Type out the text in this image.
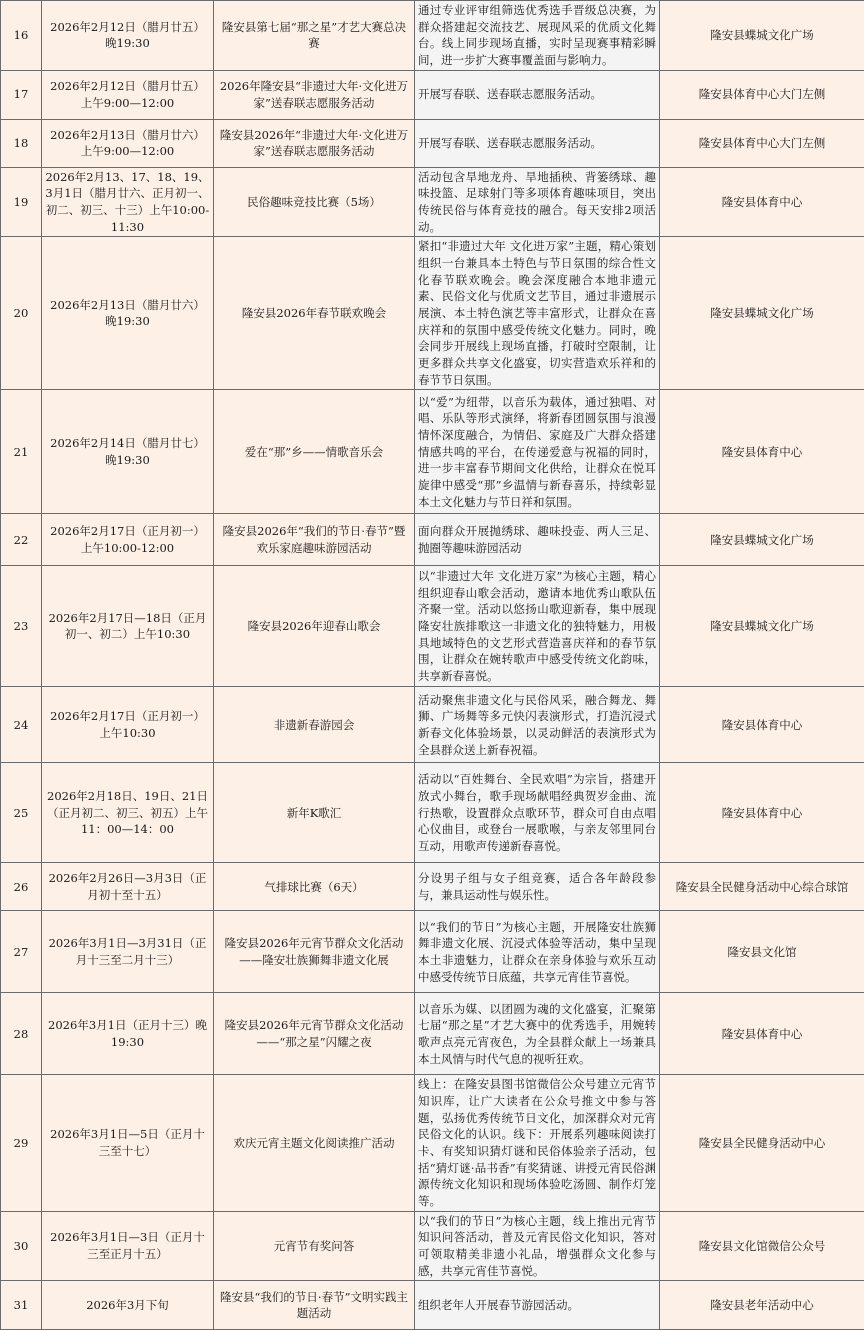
16	2026年2月12日（腊月廿五）晚19:30	隆安县第七届“那之星”才艺大赛总决赛	通过专业评审组筛选优秀选手晋级总决赛，为群众搭建起交流技艺、展现风采的优质文化舞台。线上同步现场直播，实时呈现赛事精彩瞬间，进一步扩大赛事覆盖面与影响力。	隆安县蝶城文化广场
17	2026年2月12日（腊月廿五）上午9:00—12:00	2026年隆安县“非遗过大年·文化进万家”送春联志愿服务活动	开展写春联、送春联志愿服务活动。	隆安县体育中心大门左侧
18	2026年2月13日（腊月廿六）上午9:00—12:00	隆安县2026年“非遗过大年·文化进万家”送春联志愿服务活动	开展写春联、送春联志愿服务活动。	隆安县体育中心大门左侧
19	2026年2月13、17、18、19、3月1日（腊月廿六、正月初一、初二、初三、十三）上午10:00-11:30	民俗趣味竞技比赛（5场）	活动包含旱地龙舟、旱地插秧、背篓绣球、趣味投篮、足球射门等多项体育趣味项目，突出传统民俗与体育竞技的融合。每天安排2项活动。	隆安县体育中心
20	2026年2月13日（腊月廿六）晚19:30	隆安县2026年春节联欢晚会	紧扣“非遗过大年 文化进万家”主题，精心策划组织一台兼具本土特色与节日氛围的综合性文化春节联欢晚会。晚会深度融合本地非遗元素、民俗文化与优质文艺节目，通过非遗展示展演、本土特色演艺等丰富形式，让群众在喜庆祥和的氛围中感受传统文化魅力。同时，晚会同步开展线上现场直播，打破时空限制，让更多群众共享文化盛宴，切实营造欢乐祥和的春节节日氛围。	隆安县蝶城文化广场
21	2026年2月14日（腊月廿七）晚19:30	爱在“那”乡——情歌音乐会	以“爱”为纽带，以音乐为载体，通过独唱、对唱、乐队等形式演绎，将新春团圆氛围与浪漫情怀深度融合，为情侣、家庭及广大群众搭建情感共鸣的平台，在传递爱意与祝福的同时，进一步丰富春节期间文化供给，让群众在悦耳旋律中感受“那”乡温情与新春喜乐，持续彰显本土文化魅力与节日祥和氛围。	隆安县体育中心
22	2026年2月17日（正月初一）上午10:00-12:00	隆安县2026年“我们的节日·春节”暨欢乐家庭趣味游园活动	面向群众开展抛绣球、趣味投壶、两人三足、抛圈等趣味游园活动	隆安县蝶城文化广场
23	2026年2月17日—18日（正月初一、初二）上午10:30	隆安县2026年迎春山歌会	以“非遗过大年 文化进万家”为核心主题，精心组织迎春山歌会活动，邀请本地优秀山歌队伍齐聚一堂。活动以悠扬山歌迎新春，集中展现隆安壮族排歌这一非遗文化的独特魅力，用极具地域特色的文艺形式营造喜庆祥和的春节氛围，让群众在婉转歌声中感受传统文化韵味，共享新春喜悦。	隆安县蝶城文化广场
24	2026年2月17日（正月初一）上午10:30	非遗新春游园会	活动聚焦非遗文化与民俗风采，融合舞龙、舞狮、广场舞等多元快闪表演形式，打造沉浸式新春文化体验场景，以灵动鲜活的表演形式为全县群众送上新春祝福。	隆安县体育中心
25	2026年2月18日、19日、21日（正月初二、初三、初五）上午11：00—14：00	新年K歌汇	活动以“百姓舞台、全民欢唱”为宗旨，搭建开放式小舞台，歌手现场献唱经典贺岁金曲、流行热歌，设置群众点歌环节，群众可自由点唱心仪曲目，或登台一展歌喉，与亲友邻里同台互动，用歌声传递新春喜悦。	隆安县体育中心
26	2026年2月26日—3月3日（正月初十至十五）	气排球比赛（6天）	分设男子组与女子组竞赛，适合各年龄段参与，兼具运动性与娱乐性。	隆安县全民健身活动中心综合球馆
27	2026年3月1日—3月31日（正月十三至二月十三）	隆安县2026年元宵节群众文化活动——隆安壮族狮舞非遗文化展	以“我们的节日”为核心主题，开展隆安壮族狮舞非遗文化展、沉浸式体验等活动，集中呈现本土非遗魅力，让群众在亲身体验与欢乐互动中感受传统节日底蕴，共享元宵佳节喜悦。	隆安县文化馆
28	2026年3月1日（正月十三）晚19:30	隆安县2026年元宵节群众文化活动——“那之星”闪耀之夜	以音乐为媒、以团圆为魂的文化盛宴，汇聚第七届“那之星”才艺大赛中的优秀选手，用婉转歌声点亮元宵夜色，为全县群众献上一场兼具本土风情与时代气息的视听狂欢。	隆安县体育中心
29	2026年3月1日—5日（正月十三至十七）	欢庆元宵主题文化阅读推广活动	线上：在隆安县图书馆微信公众号建立元宵节知识库，让广大读者在公众号推文中参与答题，弘扬优秀传统节日文化，加深群众对元宵民俗文化的认识。线下：开展系列趣味阅读打卡、有奖知识猜灯谜和民俗体验亲子活动，包括“猜灯谜·品书香”有奖猜谜、讲授元宵民俗渊源传统文化知识和现场体验吃汤圆、制作灯笼等。	隆安县全民健身活动中心
30	2026年3月1日—3日（正月十三至正月十五）	元宵节有奖问答	以“我们的节日”为核心主题，线上推出元宵节知识问答活动，普及元宵民俗文化知识，答对可领取精美非遗小礼品，增强群众文化参与感，共享元宵佳节喜悦。	隆安县文化馆微信公众号
31	2026年3月下旬	隆安县“我们的节日·春节”文明实践主题活动	组织老年人开展春节游园活动。	隆安县老年活动中心
